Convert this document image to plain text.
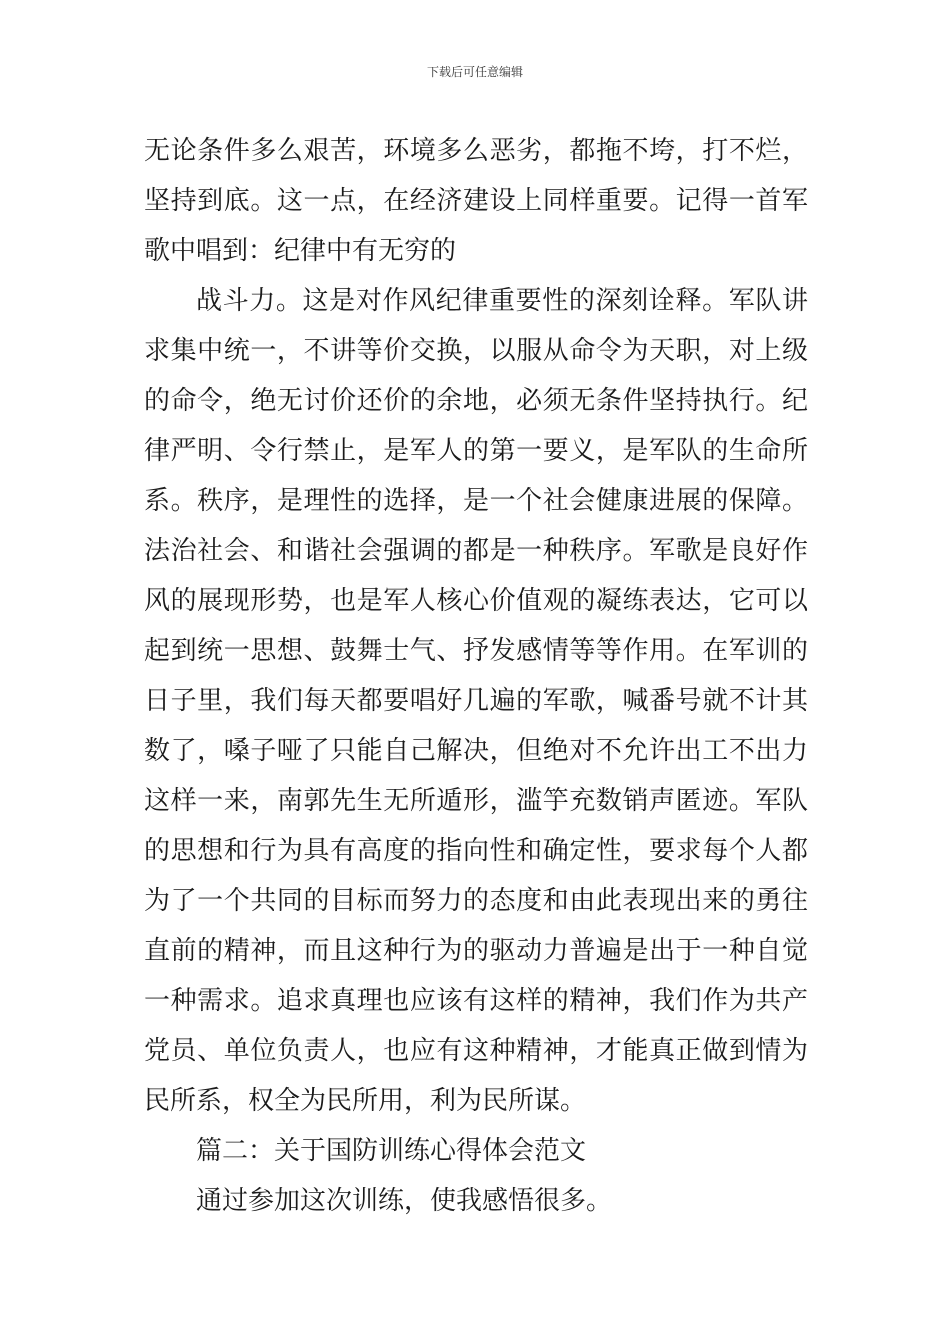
下载后可任意编辑
无论条件多么艰苦，环境多么恶劣，都拖不垮，打不烂，
坚持到底。这一点，在经济建设上同样重要。记得一首军
歌中唱到：纪律中有无穷的
战斗力。这是对作风纪律重要性的深刻诠释。军队讲
求集中统一，不讲等价交换，以服从命令为天职，对上级
的命令，绝无讨价还价的余地，必须无条件坚持执行。纪
律严明、令行禁止，是军人的第一要义，是军队的生命所
系。秩序，是理性的选择，是一个社会健康进展的保障。
法治社会、和谐社会强调的都是一种秩序。军歌是良好作
风的展现形势，也是军人核心价值观的凝练表达，它可以
起到统一思想、鼓舞士气、抒发感情等等作用。在军训的
日子里，我们每天都要唱好几遍的军歌，喊番号就不计其
数了，嗓子哑了只能自己解决，但绝对不允许出工不出力
这样一来，南郭先生无所遁形，滥竽充数销声匿迹。军队
的思想和行为具有高度的指向性和确定性，要求每个人都
为了一个共同的目标而努力的态度和由此表现出来的勇往
直前的精神，而且这种行为的驱动力普遍是出于一种自觉
一种需求。追求真理也应该有这样的精神，我们作为共产
党员、单位负责人，也应有这种精神，才能真正做到情为
民所系，权全为民所用，利为民所谋。
篇二：关于国防训练心得体会范文
通过参加这次训练，使我感悟很多。
